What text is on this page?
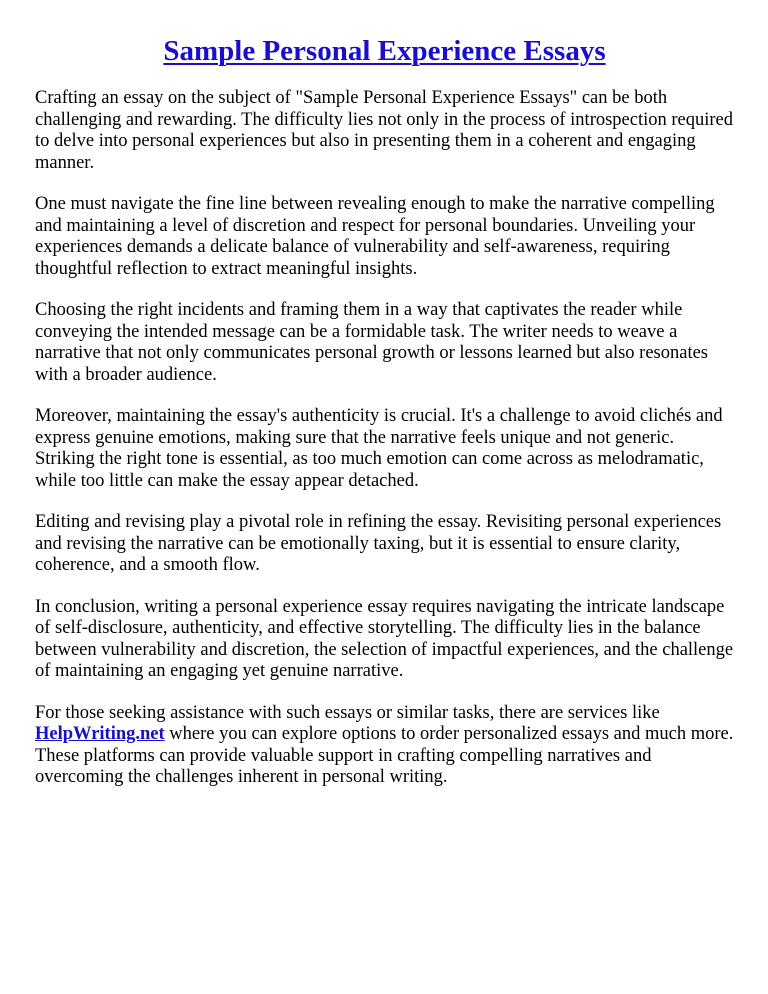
Sample Personal Experience Essays

Crafting an essay on the subject of "Sample Personal Experience Essays" can be both challenging and rewarding. The difficulty lies not only in the process of introspection required to delve into personal experiences but also in presenting them in a coherent and engaging manner.

One must navigate the fine line between revealing enough to make the narrative compelling and maintaining a level of discretion and respect for personal boundaries. Unveiling your experiences demands a delicate balance of vulnerability and self-awareness, requiring thoughtful reflection to extract meaningful insights.

Choosing the right incidents and framing them in a way that captivates the reader while conveying the intended message can be a formidable task. The writer needs to weave a narrative that not only communicates personal growth or lessons learned but also resonates with a broader audience.

Moreover, maintaining the essay's authenticity is crucial. It's a challenge to avoid clichés and express genuine emotions, making sure that the narrative feels unique and not generic. Striking the right tone is essential, as too much emotion can come across as melodramatic, while too little can make the essay appear detached.

Editing and revising play a pivotal role in refining the essay. Revisiting personal experiences and revising the narrative can be emotionally taxing, but it is essential to ensure clarity, coherence, and a smooth flow.

In conclusion, writing a personal experience essay requires navigating the intricate landscape of self-disclosure, authenticity, and effective storytelling. The difficulty lies in the balance between vulnerability and discretion, the selection of impactful experiences, and the challenge of maintaining an engaging yet genuine narrative.

For those seeking assistance with such essays or similar tasks, there are services like HelpWriting.net where you can explore options to order personalized essays and much more. These platforms can provide valuable support in crafting compelling narratives and overcoming the challenges inherent in personal writing.
